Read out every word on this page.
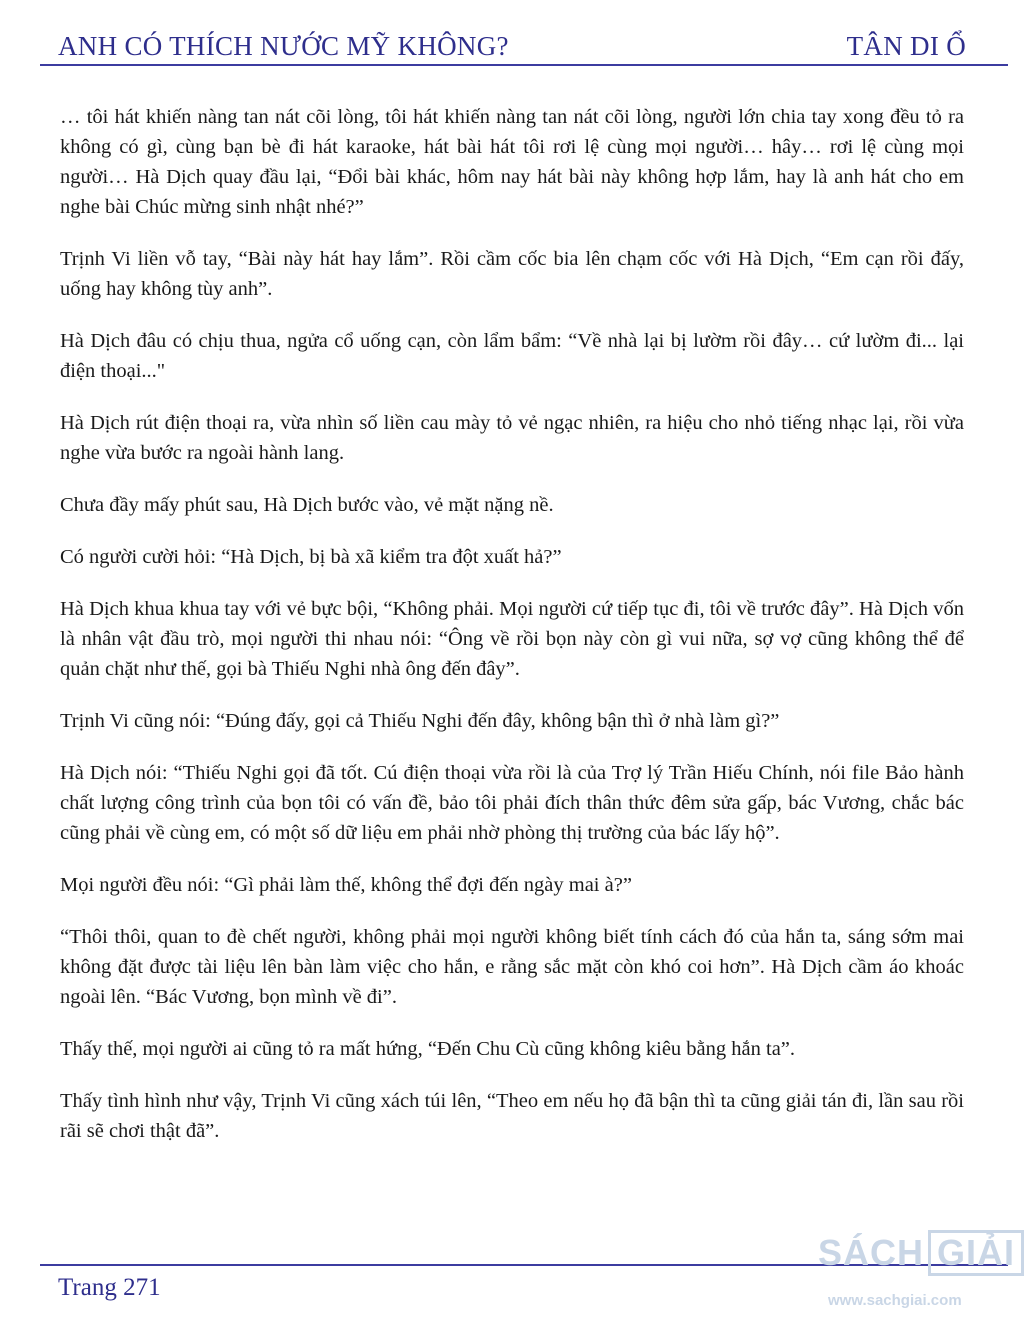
ANH CÓ THÍCH NƯỚC MỸ KHÔNG?	TÂN DI Ổ

… tôi hát khiến nàng tan nát cõi lòng, tôi hát khiến nàng tan nát cõi lòng, người lớn chia tay xong đều tỏ ra không có gì, cùng bạn bè đi hát karaoke, hát bài hát tôi rơi lệ cùng mọi người… hây… rơi lệ cùng mọi người… Hà Dịch quay đầu lại, “Đổi bài khác, hôm nay hát bài này không hợp lắm, hay là anh hát cho em nghe bài Chúc mừng sinh nhật nhé?”

Trịnh Vi liền vỗ tay, “Bài này hát hay lắm”. Rồi cầm cốc bia lên chạm cốc với Hà Dịch, “Em cạn rồi đấy, uống hay không tùy anh”.

Hà Dịch đâu có chịu thua, ngửa cổ uống cạn, còn lẩm bẩm: “Về nhà lại bị lườm rồi đây… cứ lườm đi... lại điện thoại..."

Hà Dịch rút điện thoại ra, vừa nhìn số liền cau mày tỏ vẻ ngạc nhiên, ra hiệu cho nhỏ tiếng nhạc lại, rồi vừa nghe vừa bước ra ngoài hành lang.

Chưa đầy mấy phút sau, Hà Dịch bước vào, vẻ mặt nặng nề.

Có người cười hỏi: “Hà Dịch, bị bà xã kiểm tra đột xuất hả?”

Hà Dịch khua khua tay với vẻ bực bội, “Không phải. Mọi người cứ tiếp tục đi, tôi về trước đây”. Hà Dịch vốn là nhân vật đầu trò, mọi người thi nhau nói: “Ông về rồi bọn này còn gì vui nữa, sợ vợ cũng không thể để quản chặt như thế, gọi bà Thiếu Nghi nhà ông đến đây”.

Trịnh Vi cũng nói: “Đúng đấy, gọi cả Thiếu Nghi đến đây, không bận thì ở nhà làm gì?”

Hà Dịch nói: “Thiếu Nghi gọi đã tốt. Cú điện thoại vừa rồi là của Trợ lý Trần Hiếu Chính, nói file Bảo hành chất lượng công trình của bọn tôi có vấn đề, bảo tôi phải đích thân thức đêm sửa gấp, bác Vương, chắc bác cũng phải về cùng em, có một số dữ liệu em phải nhờ phòng thị trường của bác lấy hộ”.

Mọi người đều nói: “Gì phải làm thế, không thể đợi đến ngày mai à?”

“Thôi thôi, quan to đè chết người, không phải mọi người không biết tính cách đó của hắn ta, sáng sớm mai không đặt được tài liệu lên bàn làm việc cho hắn, e rằng sắc mặt còn khó coi hơn”. Hà Dịch cầm áo khoác ngoài lên. “Bác Vương, bọn mình về đi”.

Thấy thế, mọi người ai cũng tỏ ra mất hứng, “Đến Chu Cù cũng không kiêu bằng hắn ta”.

Thấy tình hình như vậy, Trịnh Vi cũng xách túi lên, “Theo em nếu họ đã bận thì ta cũng giải tán đi, lần sau rồi rãi sẽ chơi thật đã”.

Trang 271
SÁCH GIẢI
www.sachgiai.com
